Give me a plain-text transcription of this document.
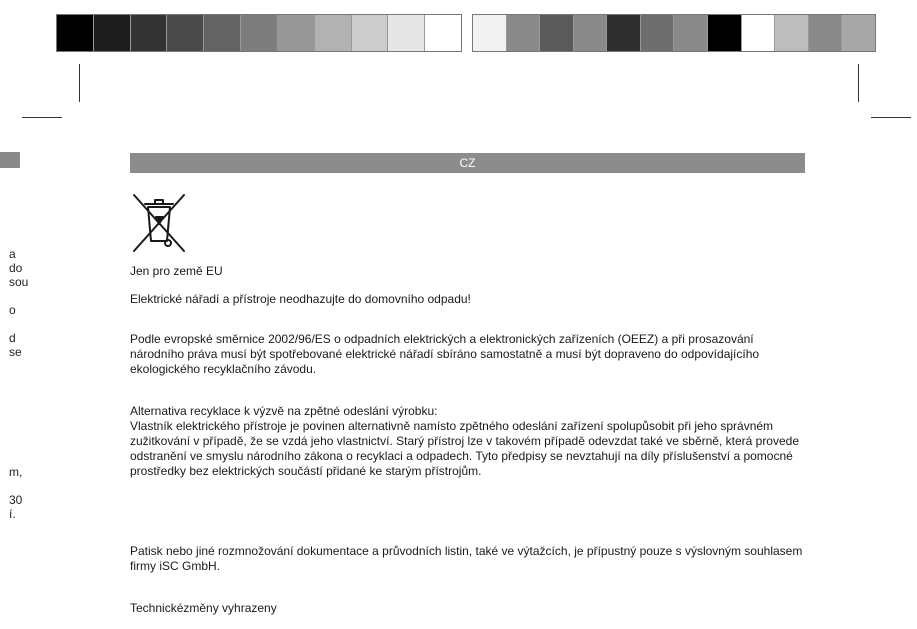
a
do
sou
o
d
se
m,
30
í.
CZ

Jen pro země EU

Elektrické nářadí a přístroje neodhazujte do domovního odpadu!

Podle evropské směrnice 2002/96/ES o odpadních elektrických a elektronických zařízeních (OEEZ) a při prosazování národního práva musí být spotřebované elektrické nářadí sbíráno samostatně a musí být dopraveno do odpovídajícího ekologického recyklačního závodu.

Alternativa recyklace k výzvě na zpětné odeslání výrobku:
Vlastník elektrického přístroje je povinen alternativně namísto zpětného odeslání zařízení spolupůsobit při jeho správném zužitkování v případě, že se vzdá jeho vlastnictví. Starý přístroj lze v takovém případě odevzdat také ve sběrně, která provede odstranění ve smyslu národního zákona o recyklaci a odpadech. Tyto předpisy se nevztahují na díly příslušenství a pomocné prostředky bez elektrických součástí přidané ke starým přístrojům.

Patisk nebo jiné rozmnožování dokumentace a průvodních listin, také ve výtažcích, je přípustný pouze s výslovným souhlasem firmy iSC GmbH.

Technickézměny vyhrazeny
